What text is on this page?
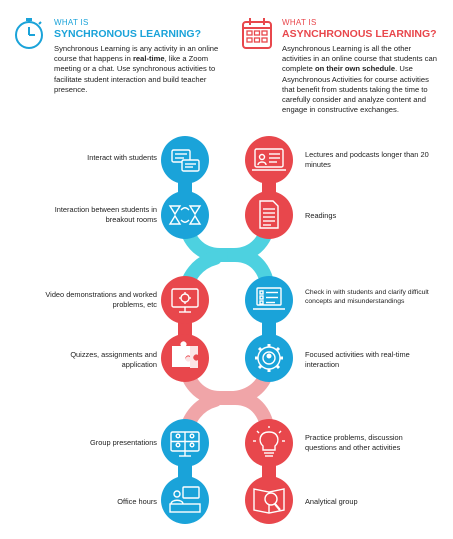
WHAT IS
SYNCHRONOUS LEARNING?
Synchronous Learning is any activity in an online course that happens in real-time, like a Zoom meeting or a chat. Use synchronous activities to facilitate student interaction and build teacher presence.
WHAT IS
ASYNCHRONOUS LEARNING?
Asynchronous Learning is all the other activities in an online course that students can complete on their own schedule. Use Asynchronous Activities for course activities that benefit from students taking the time to carefully consider and analyze content and engage in constructive exchanges.
Interact with students
Interaction between students in breakout rooms
Video demonstrations and worked problems, etc
Quizzes, assignments and application
Group presentations
Office hours
Lectures and podcasts longer than 20 minutes
Readings
Check in with students and clarify difficult concepts and misunderstandings
Focused activities with real-time interaction
Practice problems, discussion questions and other activities
Analytical group
